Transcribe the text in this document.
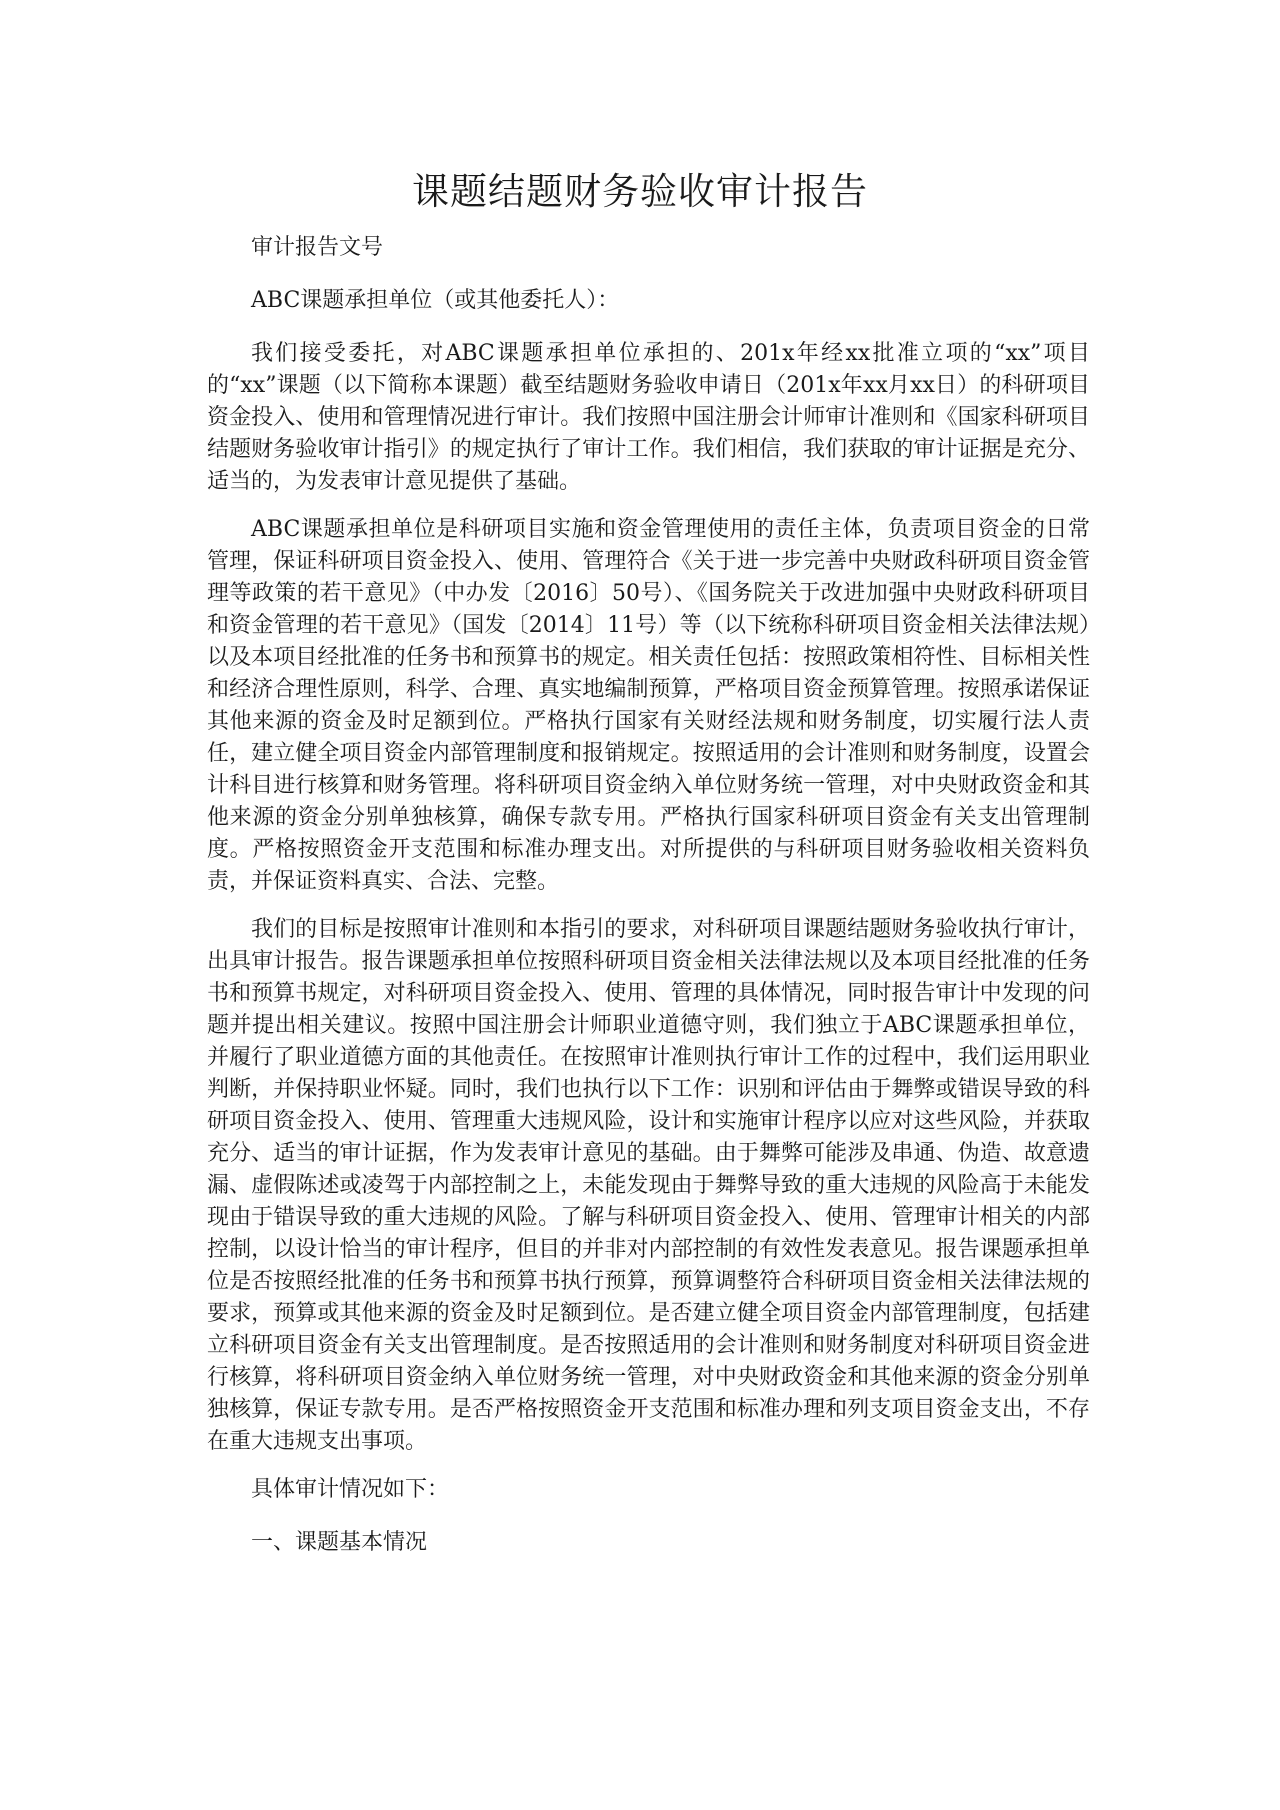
课题结题财务验收审计报告

审计报告文号

ABC课题承担单位（或其他委托人）：

我们接受委托，对ABC课题承担单位承担的、201x年经xx批准立项的“xx”项目的“xx”课题（以下简称本课题）截至结题财务验收申请日（201x年xx月xx日）的科研项目资金投入、使用和管理情况进行审计。我们按照中国注册会计师审计准则和《国家科研项目结题财务验收审计指引》的规定执行了审计工作。我们相信，我们获取的审计证据是充分、适当的，为发表审计意见提供了基础。

ABC课题承担单位是科研项目实施和资金管理使用的责任主体，负责项目资金的日常管理，保证科研项目资金投入、使用、管理符合《关于进一步完善中央财政科研项目资金管理等政策的若干意见》（中办发〔2016〕50号）、《国务院关于改进加强中央财政科研项目和资金管理的若干意见》（国发〔2014〕11号）等（以下统称科研项目资金相关法律法规）以及本项目经批准的任务书和预算书的规定。相关责任包括：按照政策相符性、目标相关性和经济合理性原则，科学、合理、真实地编制预算，严格项目资金预算管理。按照承诺保证其他来源的资金及时足额到位。严格执行国家有关财经法规和财务制度，切实履行法人责任，建立健全项目资金内部管理制度和报销规定。按照适用的会计准则和财务制度，设置会计科目进行核算和财务管理。将科研项目资金纳入单位财务统一管理，对中央财政资金和其他来源的资金分别单独核算，确保专款专用。严格执行国家科研项目资金有关支出管理制度。严格按照资金开支范围和标准办理支出。对所提供的与科研项目财务验收相关资料负责，并保证资料真实、合法、完整。

我们的目标是按照审计准则和本指引的要求，对科研项目课题结题财务验收执行审计，出具审计报告。报告课题承担单位按照科研项目资金相关法律法规以及本项目经批准的任务书和预算书规定，对科研项目资金投入、使用、管理的具体情况，同时报告审计中发现的问题并提出相关建议。按照中国注册会计师职业道德守则，我们独立于ABC课题承担单位，并履行了职业道德方面的其他责任。在按照审计准则执行审计工作的过程中，我们运用职业判断，并保持职业怀疑。同时，我们也执行以下工作：识别和评估由于舞弊或错误导致的科研项目资金投入、使用、管理重大违规风险，设计和实施审计程序以应对这些风险，并获取充分、适当的审计证据，作为发表审计意见的基础。由于舞弊可能涉及串通、伪造、故意遗漏、虚假陈述或凌驾于内部控制之上，未能发现由于舞弊导致的重大违规的风险高于未能发现由于错误导致的重大违规的风险。了解与科研项目资金投入、使用、管理审计相关的内部控制，以设计恰当的审计程序，但目的并非对内部控制的有效性发表意见。报告课题承担单位是否按照经批准的任务书和预算书执行预算，预算调整符合科研项目资金相关法律法规的要求，预算或其他来源的资金及时足额到位。是否建立健全项目资金内部管理制度，包括建立科研项目资金有关支出管理制度。是否按照适用的会计准则和财务制度对科研项目资金进行核算，将科研项目资金纳入单位财务统一管理，对中央财政资金和其他来源的资金分别单独核算，保证专款专用。是否严格按照资金开支范围和标准办理和列支项目资金支出，不存在重大违规支出事项。

具体审计情况如下：

一、课题基本情况
